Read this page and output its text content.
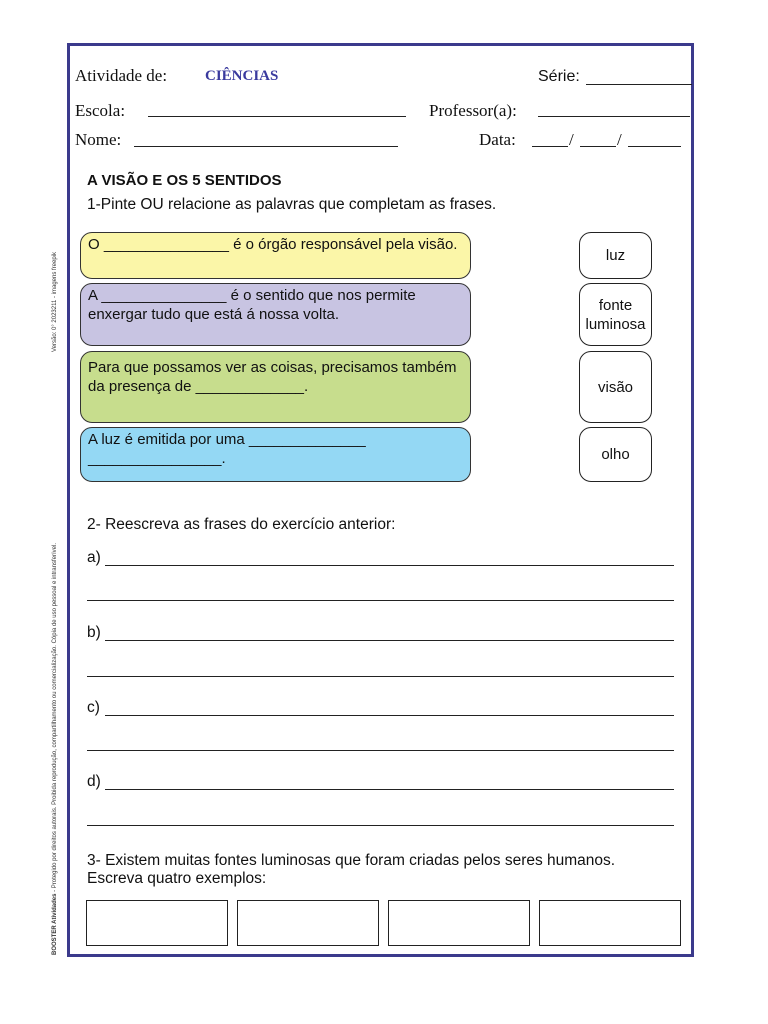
Versão: 0° 2023211 - imagens freepik
BOOSTER Atividades - Protegido por direitos autorais. Proibida reprodução, compartilhamento ou comercialização. Cópia de uso pessoal e intransferível.
Atividade de:	CIÊNCIAS	Série:
Escola:	Professor(a):
Nome:	Data:	/	/
A VISÃO E OS 5 SENTIDOS
1-Pinte OU relacione as palavras que completam as frases.
O _______________ é o órgão responsável pela visão.
A _______________ é o sentido que nos permite enxergar tudo que está á nossa volta.
Para que possamos ver as coisas, precisamos também da presença de _____________.
A luz é emitida por uma ______________ ________________.
luz
fonte luminosa
visão
olho
2- Reescreva as frases do exercício anterior:
a)
b)
c)
d)
3- Existem muitas fontes luminosas que foram criadas pelos seres humanos. Escreva quatro exemplos:
